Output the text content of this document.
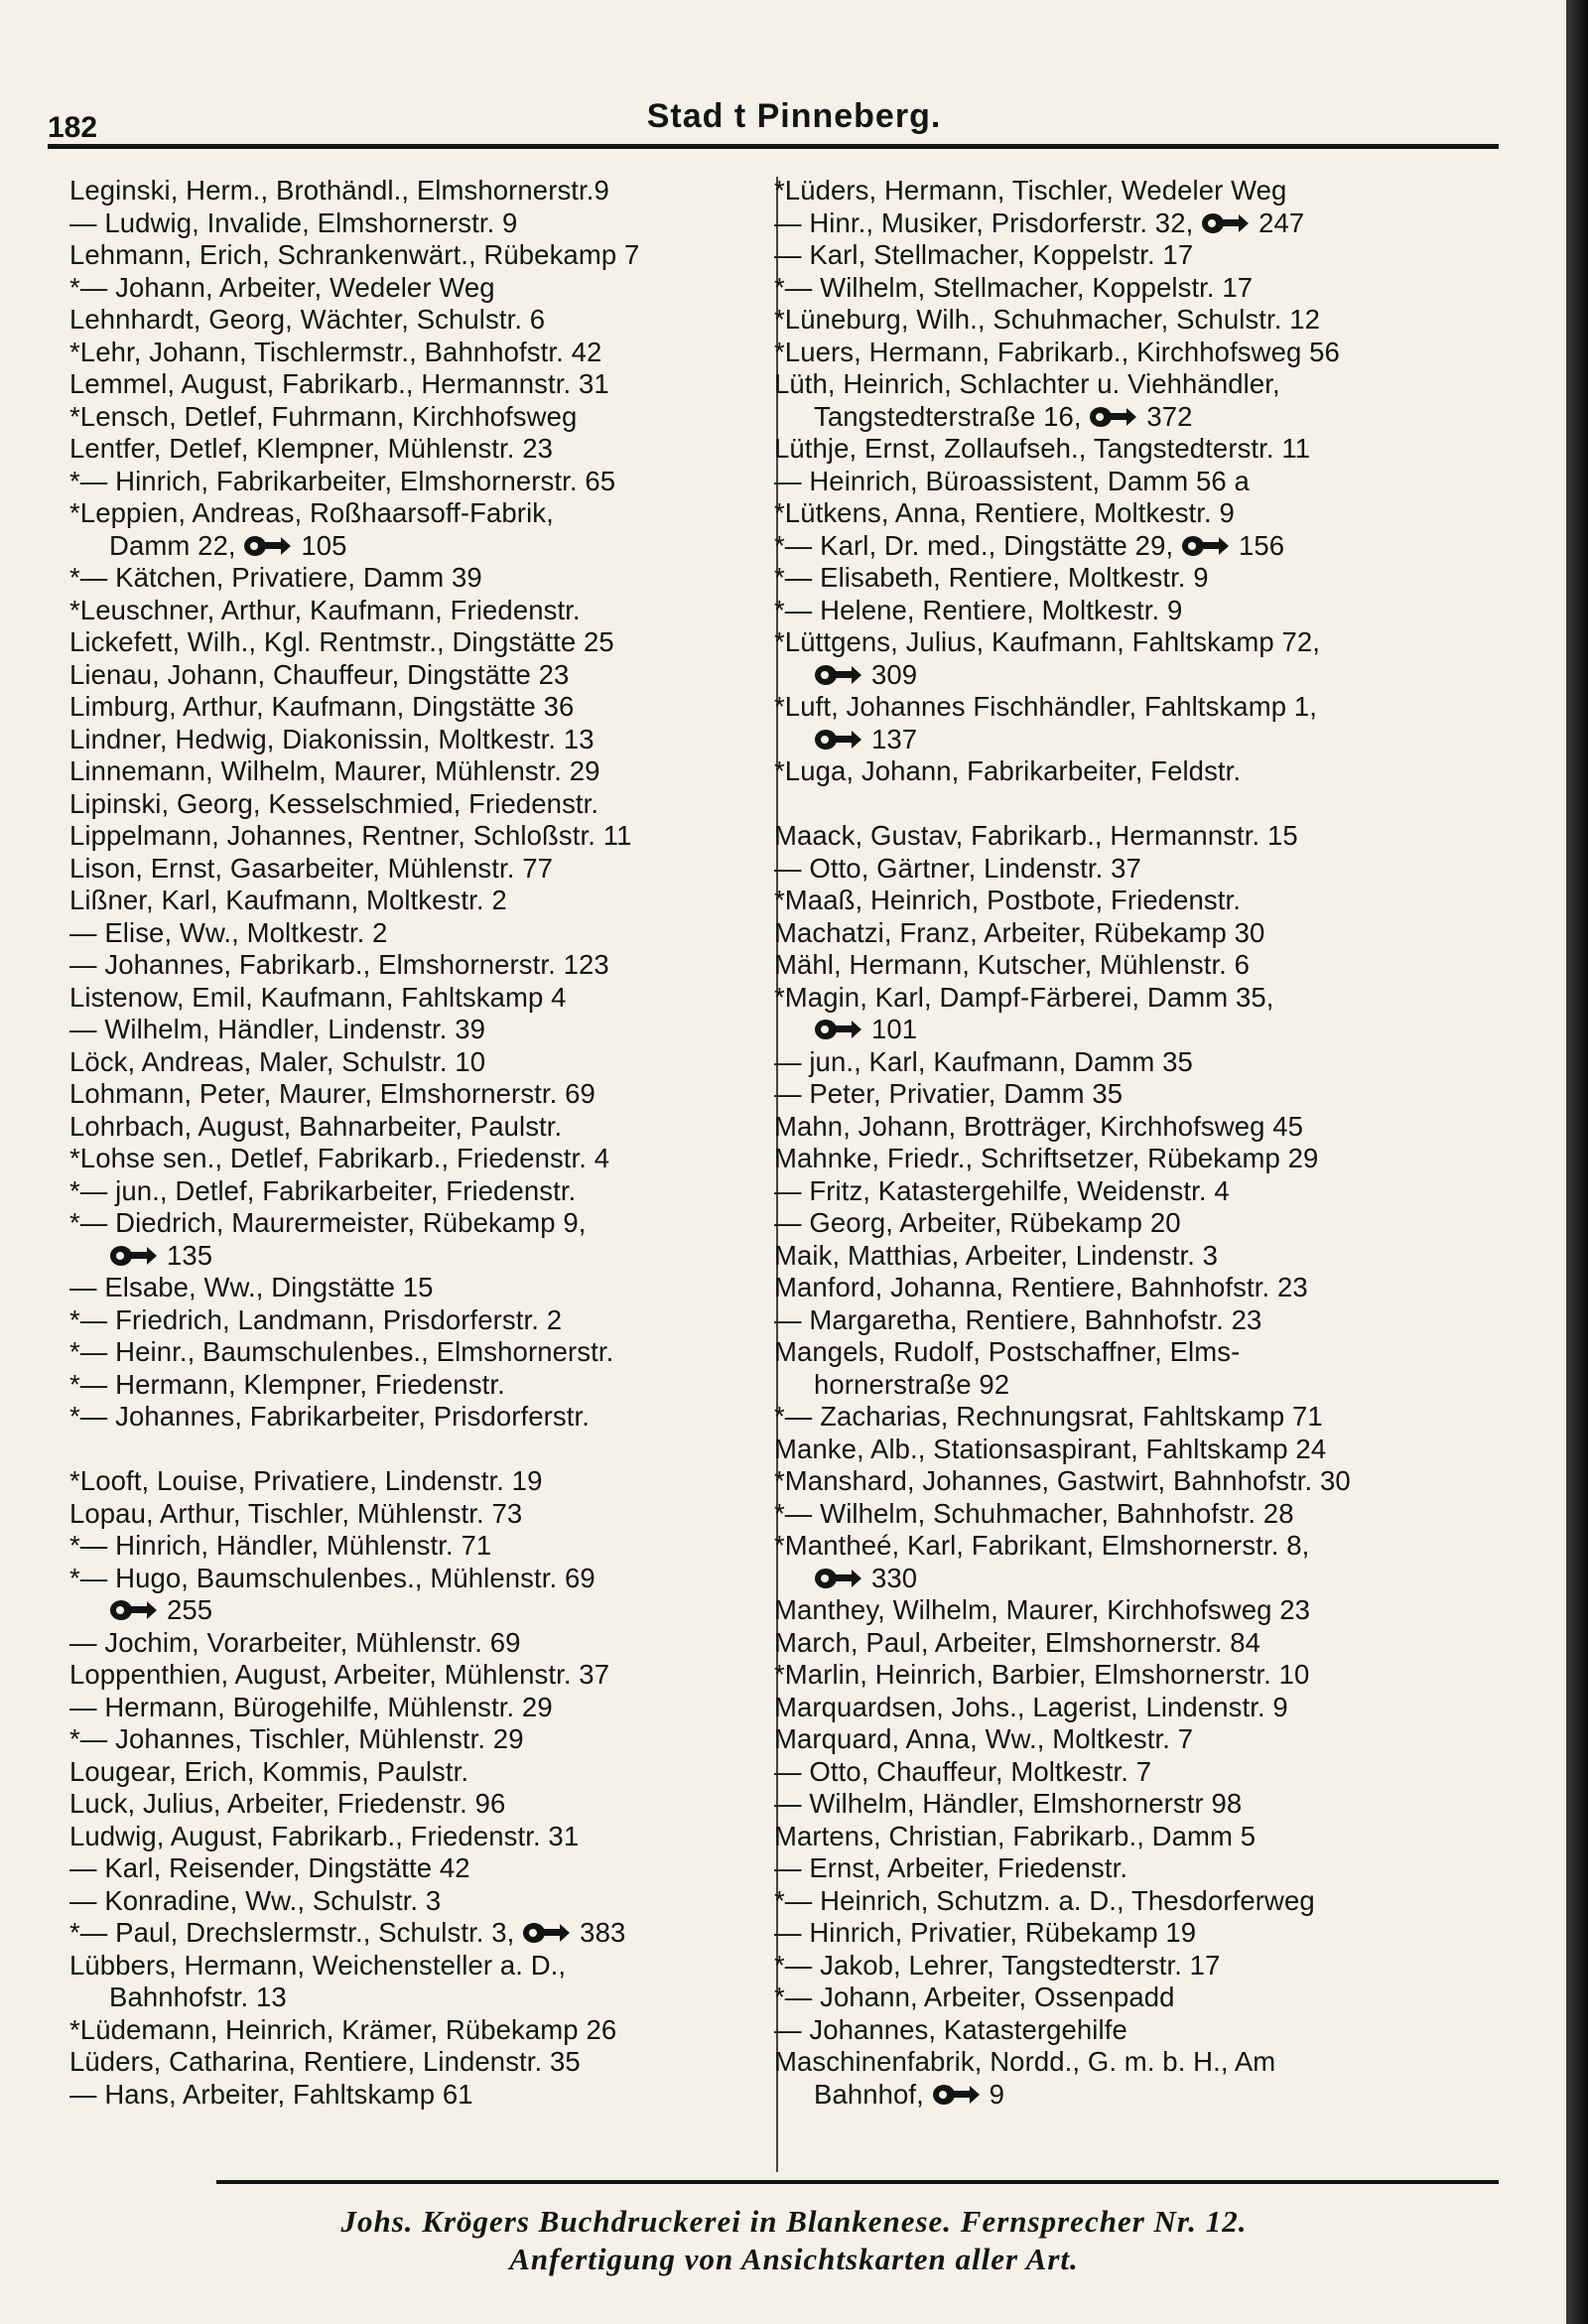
182	Stad t Pinneberg.
Leginski, Herm., Brothändl., Elmshornerstr.9
— Ludwig, Invalide, Elmshornerstr. 9
Lehmann, Erich, Schrankenwärt., Rübekamp 7
*— Johann, Arbeiter, Wedeler Weg
Lehnhardt, Georg, Wächter, Schulstr. 6
*Lehr, Johann, Tischlermstr., Bahnhofstr. 42
Lemmel, August, Fabrikarb., Hermannstr. 31
*Lensch, Detlef, Fuhrmann, Kirchhofsweg
Lentfer, Detlef, Klempner, Mühlenstr. 23
*— Hinrich, Fabrikarbeiter, Elmshornerstr. 65
*Leppien, Andreas, Roßhaarsoff-Fabrik,
Damm 22, 105
*— Kätchen, Privatiere, Damm 39
*Leuschner, Arthur, Kaufmann, Friedenstr.
Lickefett, Wilh., Kgl. Rentmstr., Dingstätte 25
Lienau, Johann, Chauffeur, Dingstätte 23
Limburg, Arthur, Kaufmann, Dingstätte 36
Lindner, Hedwig, Diakonissin, Moltkestr. 13
Linnemann, Wilhelm, Maurer, Mühlenstr. 29
Lipinski, Georg, Kesselschmied, Friedenstr.
Lippelmann, Johannes, Rentner, Schloßstr. 11
Lison, Ernst, Gasarbeiter, Mühlenstr. 77
Lißner, Karl, Kaufmann, Moltkestr. 2
— Elise, Ww., Moltkestr. 2
— Johannes, Fabrikarb., Elmshornerstr. 123
Listenow, Emil, Kaufmann, Fahltskamp 4
— Wilhelm, Händler, Lindenstr. 39
Löck, Andreas, Maler, Schulstr. 10
Lohmann, Peter, Maurer, Elmshornerstr. 69
Lohrbach, August, Bahnarbeiter, Paulstr.
*Lohse sen., Detlef, Fabrikarb., Friedenstr. 4
*— jun., Detlef, Fabrikarbeiter, Friedenstr.
*— Diedrich, Maurermeister, Rübekamp 9,
135
— Elsabe, Ww., Dingstätte 15
*— Friedrich, Landmann, Prisdorferstr. 2
*— Heinr., Baumschulenbes., Elmshornerstr.
*— Hermann, Klempner, Friedenstr.
*— Johannes, Fabrikarbeiter, Prisdorferstr.
*Looft, Louise, Privatiere, Lindenstr. 19
Lopau, Arthur, Tischler, Mühlenstr. 73
*— Hinrich, Händler, Mühlenstr. 71
*— Hugo, Baumschulenbes., Mühlenstr. 69
255
— Jochim, Vorarbeiter, Mühlenstr. 69
Loppenthien, August, Arbeiter, Mühlenstr. 37
— Hermann, Bürogehilfe, Mühlenstr. 29
*— Johannes, Tischler, Mühlenstr. 29
Lougear, Erich, Kommis, Paulstr.
Luck, Julius, Arbeiter, Friedenstr. 96
Ludwig, August, Fabrikarb., Friedenstr. 31
— Karl, Reisender, Dingstätte 42
— Konradine, Ww., Schulstr. 3
*— Paul, Drechslermstr., Schulstr. 3, 383
Lübbers, Hermann, Weichensteller a. D.,
Bahnhofstr. 13
*Lüdemann, Heinrich, Krämer, Rübekamp 26
Lüders, Catharina, Rentiere, Lindenstr. 35
— Hans, Arbeiter, Fahltskamp 61
*Lüders, Hermann, Tischler, Wedeler Weg
— Hinr., Musiker, Prisdorferstr. 32, 247
— Karl, Stellmacher, Koppelstr. 17
*— Wilhelm, Stellmacher, Koppelstr. 17
*Lüneburg, Wilh., Schuhmacher, Schulstr. 12
*Luers, Hermann, Fabrikarb., Kirchhofsweg 56
Lüth, Heinrich, Schlachter u. Viehhändler,
Tangstedterstraße 16, 372
Lüthje, Ernst, Zollaufseh., Tangstedterstr. 11
— Heinrich, Büroassistent, Damm 56 a
*Lütkens, Anna, Rentiere, Moltkestr. 9
*— Karl, Dr. med., Dingstätte 29, 156
*— Elisabeth, Rentiere, Moltkestr. 9
*— Helene, Rentiere, Moltkestr. 9
*Lüttgens, Julius, Kaufmann, Fahltskamp 72,
309
*Luft, Johannes Fischhändler, Fahltskamp 1,
137
*Luga, Johann, Fabrikarbeiter, Feldstr.
Maack, Gustav, Fabrikarb., Hermannstr. 15
— Otto, Gärtner, Lindenstr. 37
*Maaß, Heinrich, Postbote, Friedenstr.
Machatzi, Franz, Arbeiter, Rübekamp 30
Mähl, Hermann, Kutscher, Mühlenstr. 6
*Magin, Karl, Dampf-Färberei, Damm 35,
101
— jun., Karl, Kaufmann, Damm 35
— Peter, Privatier, Damm 35
Mahn, Johann, Brotträger, Kirchhofsweg 45
Mahnke, Friedr., Schriftsetzer, Rübekamp 29
— Fritz, Katastergehilfe, Weidenstr. 4
— Georg, Arbeiter, Rübekamp 20
Maik, Matthias, Arbeiter, Lindenstr. 3
Manford, Johanna, Rentiere, Bahnhofstr. 23
— Margaretha, Rentiere, Bahnhofstr. 23
Mangels, Rudolf, Postschaffner, Elms-
hornerstraße 92
*— Zacharias, Rechnungsrat, Fahltskamp 71
Manke, Alb., Stationsaspirant, Fahltskamp 24
*Manshard, Johannes, Gastwirt, Bahnhofstr. 30
*— Wilhelm, Schuhmacher, Bahnhofstr. 28
*Mantheé, Karl, Fabrikant, Elmshornerstr. 8,
330
Manthey, Wilhelm, Maurer, Kirchhofsweg 23
March, Paul, Arbeiter, Elmshornerstr. 84
*Marlin, Heinrich, Barbier, Elmshornerstr. 10
Marquardsen, Johs., Lagerist, Lindenstr. 9
Marquard, Anna, Ww., Moltkestr. 7
— Otto, Chauffeur, Moltkestr. 7
— Wilhelm, Händler, Elmshornerstr 98
Martens, Christian, Fabrikarb., Damm 5
— Ernst, Arbeiter, Friedenstr.
*— Heinrich, Schutzm. a. D., Thesdorferweg
— Hinrich, Privatier, Rübekamp 19
*— Jakob, Lehrer, Tangstedterstr. 17
*— Johann, Arbeiter, Ossenpadd
— Johannes, Katastergehilfe
Maschinenfabrik, Nordd., G. m. b. H., Am
Bahnhof, 9
Johs. Krögers Buchdruckerei in Blankenese. Fernsprecher Nr. 12.
Anfertigung von Ansichtskarten aller Art.
